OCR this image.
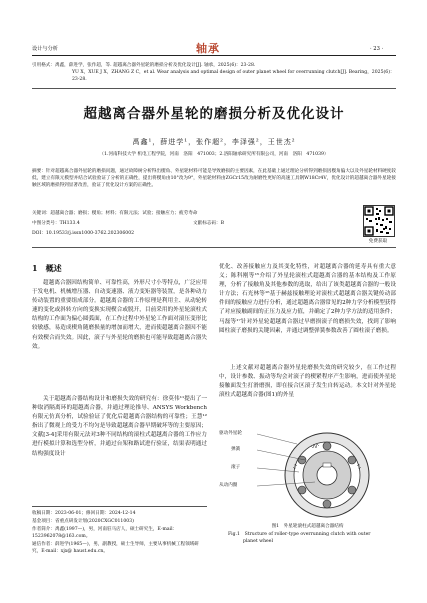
设计与分析	轴承	· 23 ·
引用格式：禹鑫，薛进学，张作超，等. 超越离合器外星轮的磨损分析及优化设计[J]. 轴承，2025(6)：23-28.
YU X，XUE J X，ZHANG Z C，et al. Wear analysis and optimal design of outer planet wheel for overrunning clutch[J]. Bearing，2025(6)：23-28.
超越离合器外星轮的磨损分析及优化设计
禹鑫¹，薛进学¹，张作超²，李泽强²，王世杰²
（1.河南科技大学 机电工程学院，河南　洛阳　471003；2.洛阳轴承研究所有限公司，河南　洛阳　471039）
摘要：针对超越离合器外星轮的磨损问题，通过故障树分析得出楔角、外星轮材料可能是导致磨损的主要因素，在此基础上通过理论分析得到磨损因楔角偏大以及外星轮材料硬度较低，建立有限元模型并结合试验验证了分析的正确性，提出将楔角由10°改为9°，外星轮材料由ZGCr15改为耐磨性更好的高速工具钢W18Cr4V，优化设计的超越离合器外星轮接触区域的磨损得到显著改善，验证了优化设计方案的正确性。
关键词：超越离合器；磨损；楔角；材料；有限元法；试验；接触应力；疲劳寿命
中图分类号：TH133.4	文献标志码：B
DOI：10.19533/j.issn1000-3762.202306002
免费获取
1　概述
超越离合器因结构简单、可靠性高，外形尺寸小等特点，广泛应用于发电机、机械增压器、自动变速器、液力变矩器等装置，是各种动力传动装置的重要组成部分。超越离合器的工作原理是利用主、从动轮转速的变化或斜转方向的变换实现楔合或脱开，目前采用的外星轮滚柱式结构的工作面为偏心圆弧面，在工作过程中外星轮工作面对滚压变形比较敏感，易造成楔角随磨损量的增加而增大，进而使超越离合器因不能有效楔合而失效。因此，滚子与外星轮的磨损也可能导致超越离合器失效。
关于超越离合器结构设计和磨损失效的研究有：徐莫伟¹¹提出了一种取消隔离环的超越离合器，并通过理论推导、ANSYS Workbench有限元仿真分析，试验验证了优化后超越离合器结构的可靠性；王慧¹²指出了微观上的受力不均匀是导致超越离合器早期破坏等的主要原因；文献[3-4]采用有限元法对3种不同结构的滚柱式超越离合器的工作应力进行模拟计算和选型分析，并通过台架和路试进行验证，结果表明通过结构强度设计
收稿日期：2023-06-01；修回日期：2024-12-14
基金项目：省重点研发计划(2020CXGC011003)
作者简介：禹鑫(1997—)，男，河南驻马店人，硕士研究生，E-mail：1523962078@163.com。
通信作者：薛进学(1965—)，男，副教授，硕士生导师，主要从事机械工程领域研究，E-mail：xjx@ haust.edu.cn。
优化、改善接触应力及其变化特性，对超越离合器的延寿具有重大意义；陈科刚等¹⁵介绍了外星轮滚柱式超越离合器的基本结构及工作原理，分析了接触角及其他参数的选取，给出了该类超越离合器的一般设计方法；石光林等¹⁶基于赫兹接触理论对滚柱式超越离合器关键传动部件间的接触应力进行分析，通过超越离合器常见的2种力学分析模型获得了对应接触副间的正压力及应力值，并确定了2种力学方法的适用条件；马磊等¹⁷针对外星轮超越离合器过早磨损滚子的磨损失效，找到了影响圆柱滚子磨损的关键因素，并通过调整弹簧参数改善了圆柱滚子磨损。
上述文献对超越离合器外星轮磨损失效的研究较少，在工作过程中，设计参数、振动等均会对滚子的楔紧程序产生影响，进而使外星轮接触面发生打滑磨损，即在接合区滚子发生自转运动。本文针对外星轮滚柱式超越离合器(图1)的外星
驱动外星轮
弹簧
滚子
从动内圈
图1　外星轮滚柱式超越离合器结构
Fig.1　Structure of roller-type overrunning clutch with outer
planet wheel
